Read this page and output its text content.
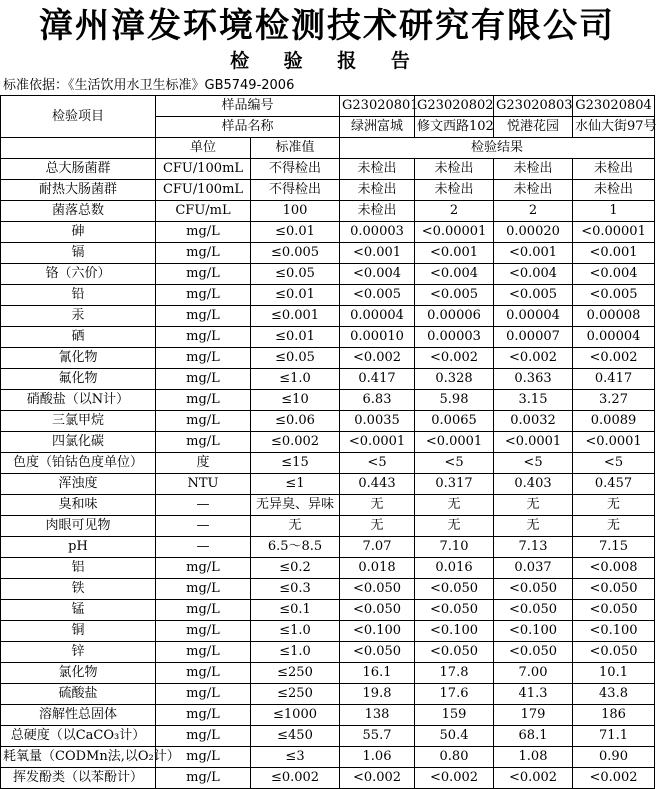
漳州漳发环境检测技术研究有限公司
检 验 报 告
标准依据：《生活饮用水卫生标准》GB5749-2006
检验项目	样品编号		G23020801	G23020802	G23020803	G23020804
	样品名称		绿洲富城	修文西路102	悦港花园	水仙大街97号
	单位	标准值	检验结果			
总大肠菌群	CFU/100mL	不得检出	未检出	未检出	未检出	未检出
耐热大肠菌群	CFU/100mL	不得检出	未检出	未检出	未检出	未检出
菌落总数	CFU/mL	100	未检出	2	2	1
砷	mg/L	≤0.01	0.00003	<0.00001	0.00020	<0.00001
镉	mg/L	≤0.005	<0.001	<0.001	<0.001	<0.001
铬（六价）	mg/L	≤0.05	<0.004	<0.004	<0.004	<0.004
铅	mg/L	≤0.01	<0.005	<0.005	<0.005	<0.005
汞	mg/L	≤0.001	0.00004	0.00006	0.00004	0.00008
硒	mg/L	≤0.01	0.00010	0.00003	0.00007	0.00004
氰化物	mg/L	≤0.05	<0.002	<0.002	<0.002	<0.002
氟化物	mg/L	≤1.0	0.417	0.328	0.363	0.417
硝酸盐（以N计）	mg/L	≤10	6.83	5.98	3.15	3.27
三氯甲烷	mg/L	≤0.06	0.0035	0.0065	0.0032	0.0089
四氯化碳	mg/L	≤0.002	<0.0001	<0.0001	<0.0001	<0.0001
色度（铂钴色度单位）	度	≤15	<5	<5	<5	<5
浑浊度	NTU	≤1	0.443	0.317	0.403	0.457
臭和味	—	无异臭、异味	无	无	无	无
肉眼可见物	—	无	无	无	无	无
pH	—	6.5～8.5	7.07	7.10	7.13	7.15
铝	mg/L	≤0.2	0.018	0.016	0.037	<0.008
铁	mg/L	≤0.3	<0.050	<0.050	<0.050	<0.050
锰	mg/L	≤0.1	<0.050	<0.050	<0.050	<0.050
铜	mg/L	≤1.0	<0.100	<0.100	<0.100	<0.100
锌	mg/L	≤1.0	<0.050	<0.050	<0.050	<0.050
氯化物	mg/L	≤250	16.1	17.8	7.00	10.1
硫酸盐	mg/L	≤250	19.8	17.6	41.3	43.8
溶解性总固体	mg/L	≤1000	138	159	179	186
总硬度（以CaCO₃计）	mg/L	≤450	55.7	50.4	68.1	71.1
耗氧量（CODMn法,以O₂计）	mg/L	≤3	1.06	0.80	1.08	0.90
挥发酚类（以苯酚计）	mg/L	≤0.002	<0.002	<0.002	<0.002	<0.002
